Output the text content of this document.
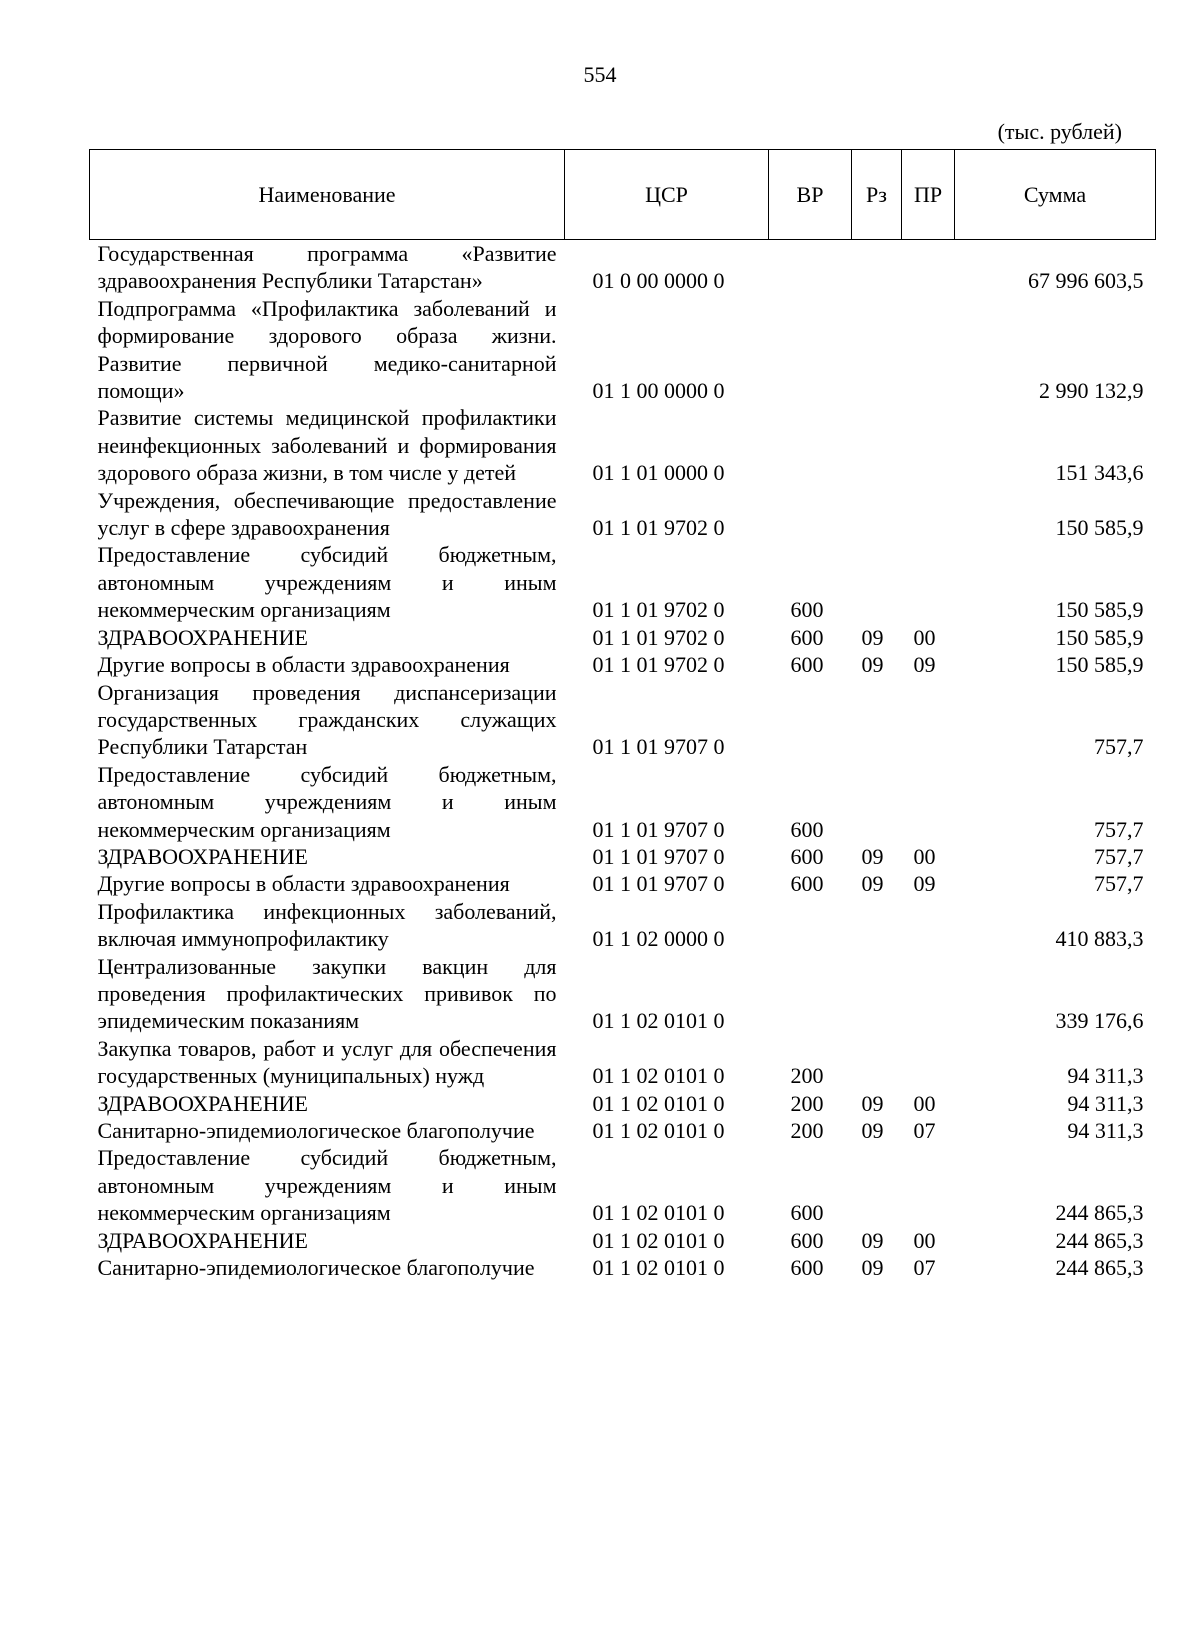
554
(тыс. рублей)
Наименование	ЦСР	ВР	Рз	ПР	Сумма
Государственная программа «Развитие здравоохранения Республики Татарстан»	01 0 00 0000 0				67 996 603,5
Подпрограмма «Профилактика заболеваний и формирование здорового образа жизни. Развитие первичной медико-санитарной помощи»	01 1 00 0000 0				2 990 132,9
Развитие системы медицинской профилактики неинфекционных заболеваний и формирования здорового образа жизни, в том числе у детей	01 1 01 0000 0				151 343,6
Учреждения, обеспечивающие предоставление услуг в сфере здравоохранения	01 1 01 9702 0				150 585,9
Предоставление субсидий бюджетным, автономным учреждениям и иным некоммерческим организациям	01 1 01 9702 0	600			150 585,9
ЗДРАВООХРАНЕНИЕ	01 1 01 9702 0	600	09	00	150 585,9
Другие вопросы в области здравоохранения	01 1 01 9702 0	600	09	09	150 585,9
Организация проведения диспансеризации государственных гражданских служащих Республики Татарстан	01 1 01 9707 0				757,7
Предоставление субсидий бюджетным, автономным учреждениям и иным некоммерческим организациям	01 1 01 9707 0	600			757,7
ЗДРАВООХРАНЕНИЕ	01 1 01 9707 0	600	09	00	757,7
Другие вопросы в области здравоохранения	01 1 01 9707 0	600	09	09	757,7
Профилактика инфекционных заболеваний, включая иммунопрофилактику	01 1 02 0000 0				410 883,3
Централизованные закупки вакцин для проведения профилактических прививок по эпидемическим показаниям	01 1 02 0101 0				339 176,6
Закупка товаров, работ и услуг для обеспечения государственных (муниципальных) нужд	01 1 02 0101 0	200			94 311,3
ЗДРАВООХРАНЕНИЕ	01 1 02 0101 0	200	09	00	94 311,3
Санитарно-эпидемиологическое благополучие	01 1 02 0101 0	200	09	07	94 311,3
Предоставление субсидий бюджетным, автономным учреждениям и иным некоммерческим организациям	01 1 02 0101 0	600			244 865,3
ЗДРАВООХРАНЕНИЕ	01 1 02 0101 0	600	09	00	244 865,3
Санитарно-эпидемиологическое благополучие	01 1 02 0101 0	600	09	07	244 865,3
